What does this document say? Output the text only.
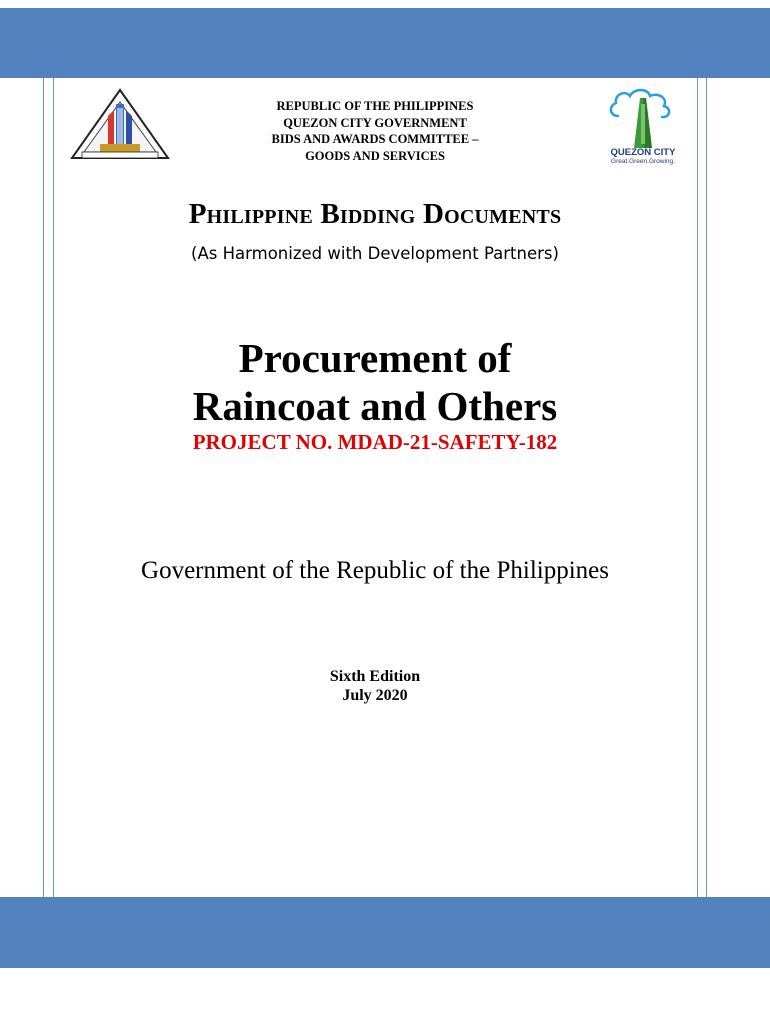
QUEZON CITY
Great.Green.Growing.
REPUBLIC OF THE PHILIPPINES
QUEZON CITY GOVERNMENT
BIDS AND AWARDS COMMITTEE –
GOODS AND SERVICES
Philippine Bidding Documents
(As Harmonized with Development Partners)
Procurement of
Raincoat and Others
PROJECT NO. MDAD-21-SAFETY-182
Government of the Republic of the Philippines
Sixth Edition
July 2020
